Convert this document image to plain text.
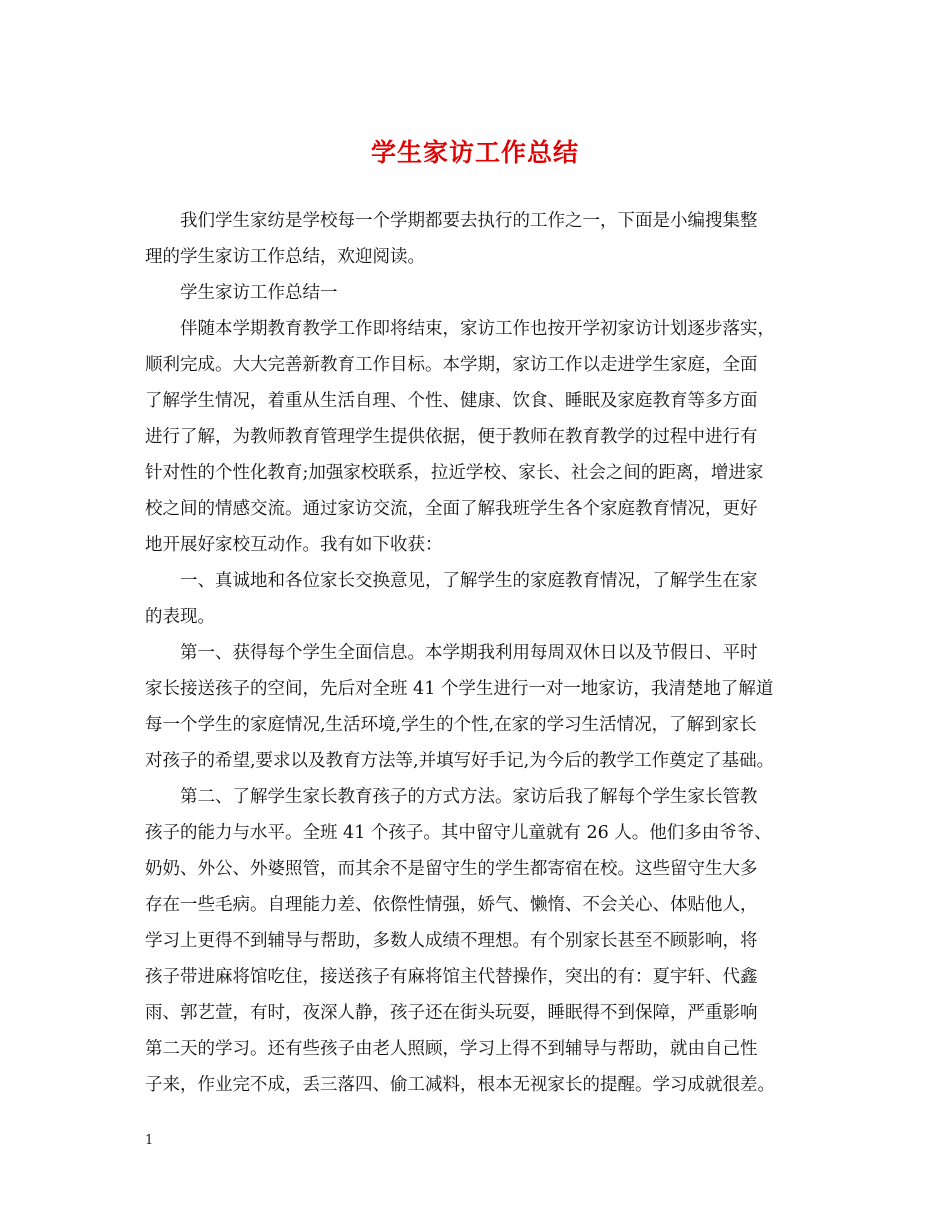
学生家访工作总结
我们学生家纺是学校每一个学期都要去执行的工作之一，下面是小编搜集整
理的学生家访工作总结，欢迎阅读。
学生家访工作总结一
伴随本学期教育教学工作即将结束，家访工作也按开学初家访计划逐步落实，
顺利完成。大大完善新教育工作目标。本学期，家访工作以走进学生家庭，全面
了解学生情况，着重从生活自理、个性、健康、饮食、睡眠及家庭教育等多方面
进行了解，为教师教育管理学生提供依据，便于教师在教育教学的过程中进行有
针对性的个性化教育;加强家校联系，拉近学校、家长、社会之间的距离，增进家
校之间的情感交流。通过家访交流，全面了解我班学生各个家庭教育情况，更好
地开展好家校互动作。我有如下收获：
一、真诚地和各位家长交换意见，了解学生的家庭教育情况，了解学生在家
的表现。
第一、获得每个学生全面信息。本学期我利用每周双休日以及节假日、平时
家长接送孩子的空间，先后对全班 41 个学生进行一对一地家访，我清楚地了解道
每一个学生的家庭情况,生活环境,学生的个性,在家的学习生活情况，了解到家长
对孩子的希望,要求以及教育方法等,并填写好手记,为今后的教学工作奠定了基础。
第二、了解学生家长教育孩子的方式方法。家访后我了解每个学生家长管教
孩子的能力与水平。全班 41 个孩子。其中留守儿童就有 26 人。他们多由爷爷、
奶奶、外公、外婆照管，而其余不是留守生的学生都寄宿在校。这些留守生大多
存在一些毛病。自理能力差、依傺性情强，娇气、懒惰、不会关心、体贴他人，
学习上更得不到辅导与帮助，多数人成绩不理想。有个别家长甚至不顾影响，将
孩子带进麻将馆吃住，接送孩子有麻将馆主代替操作，突出的有：夏宇轩、代鑫
雨、郭艺萱，有时，夜深人静，孩子还在街头玩耍，睡眠得不到保障，严重影响
第二天的学习。还有些孩子由老人照顾，学习上得不到辅导与帮助，就由自己性
子来，作业完不成，丢三落四、偷工减料，根本无视家长的提醒。学习成就很差。
1
